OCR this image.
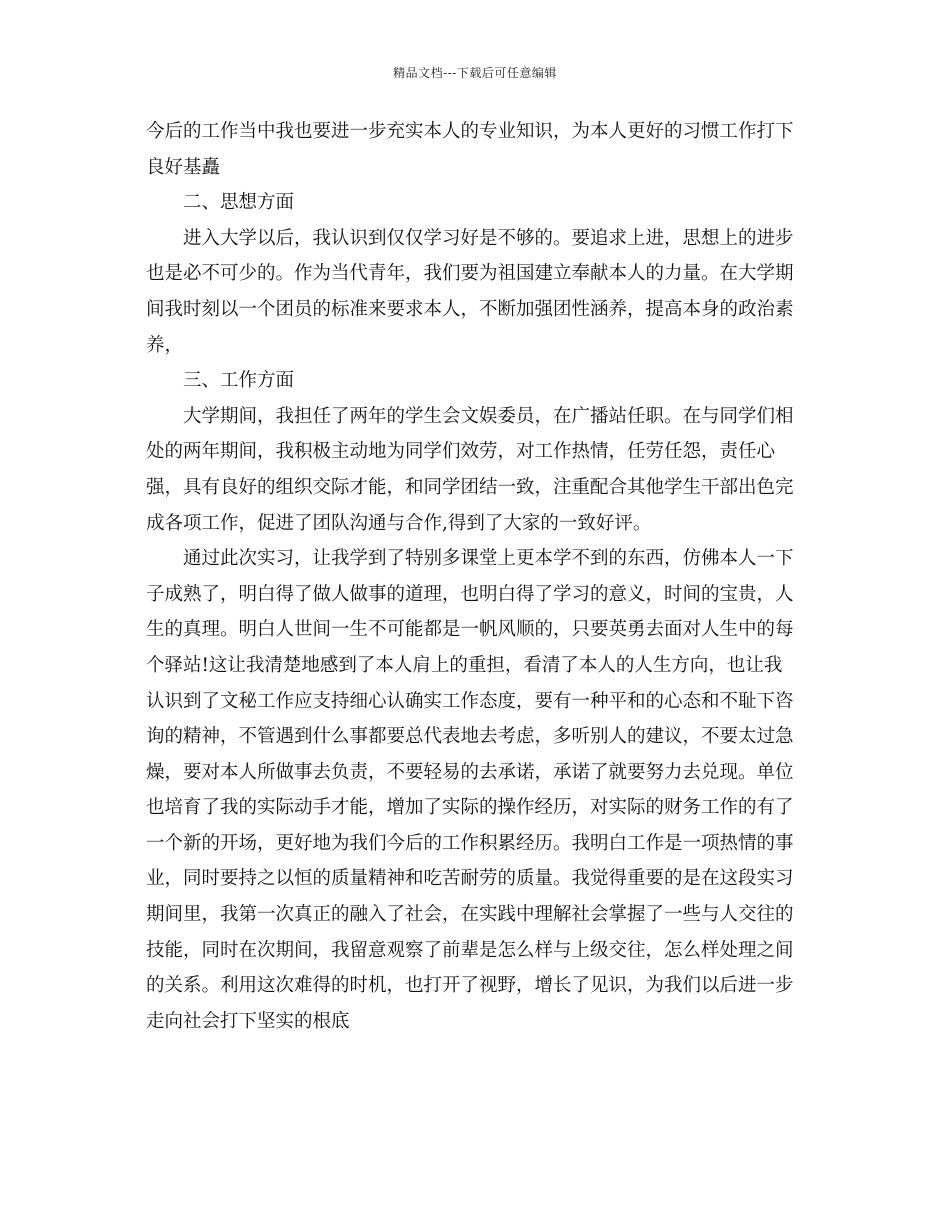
精品文档---下载后可任意编辑
今后的工作当中我也要进一步充实本人的专业知识，为本人更好的习惯工作打下
良好基矗
二、思想方面
进入大学以后，我认识到仅仅学习好是不够的。要追求上进，思想上的进步
也是必不可少的。作为当代青年，我们要为祖国建立奉献本人的力量。在大学期
间我时刻以一个团员的标准来要求本人，不断加强团性涵养，提高本身的政治素
养，
三、工作方面
大学期间，我担任了两年的学生会文娱委员，在广播站任职。在与同学们相
处的两年期间，我积极主动地为同学们效劳，对工作热情，任劳任怨，责任心
强，具有良好的组织交际才能，和同学团结一致，注重配合其他学生干部出色完
成各项工作，促进了团队沟通与合作,得到了大家的一致好评。
通过此次实习，让我学到了特别多课堂上更本学不到的东西，仿佛本人一下
子成熟了，明白得了做人做事的道理，也明白得了学习的意义，时间的宝贵，人
生的真理。明白人世间一生不可能都是一帆风顺的，只要英勇去面对人生中的每
个驿站!这让我清楚地感到了本人肩上的重担，看清了本人的人生方向，也让我
认识到了文秘工作应支持细心认确实工作态度，要有一种平和的心态和不耻下咨
询的精神，不管遇到什么事都要总代表地去考虑，多听别人的建议，不要太过急
燥，要对本人所做事去负责，不要轻易的去承诺，承诺了就要努力去兑现。单位
也培育了我的实际动手才能，增加了实际的操作经历，对实际的财务工作的有了
一个新的开场，更好地为我们今后的工作积累经历。我明白工作是一项热情的事
业，同时要持之以恒的质量精神和吃苦耐劳的质量。我觉得重要的是在这段实习
期间里，我第一次真正的融入了社会，在实践中理解社会掌握了一些与人交往的
技能，同时在次期间，我留意观察了前辈是怎么样与上级交往，怎么样处理之间
的关系。利用这次难得的时机，也打开了视野，增长了见识，为我们以后进一步
走向社会打下坚实的根底
